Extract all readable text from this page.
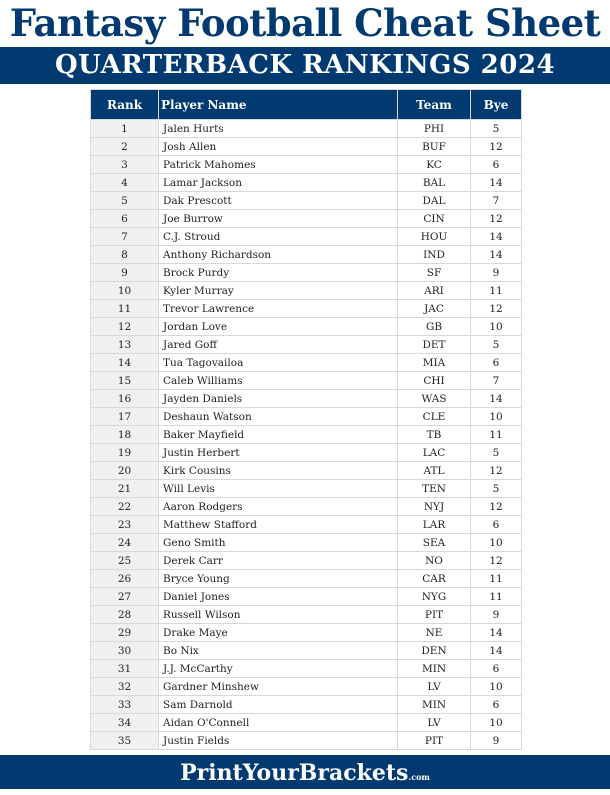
Fantasy Football Cheat Sheet
QUARTERBACK RANKINGS 2024
Rank	Player Name	Team	Bye
1	Jalen Hurts	PHI	5
2	Josh Allen	BUF	12
3	Patrick Mahomes	KC	6
4	Lamar Jackson	BAL	14
5	Dak Prescott	DAL	7
6	Joe Burrow	CIN	12
7	C.J. Stroud	HOU	14
8	Anthony Richardson	IND	14
9	Brock Purdy	SF	9
10	Kyler Murray	ARI	11
11	Trevor Lawrence	JAC	12
12	Jordan Love	GB	10
13	Jared Goff	DET	5
14	Tua Tagovailoa	MIA	6
15	Caleb Williams	CHI	7
16	Jayden Daniels	WAS	14
17	Deshaun Watson	CLE	10
18	Baker Mayfield	TB	11
19	Justin Herbert	LAC	5
20	Kirk Cousins	ATL	12
21	Will Levis	TEN	5
22	Aaron Rodgers	NYJ	12
23	Matthew Stafford	LAR	6
24	Geno Smith	SEA	10
25	Derek Carr	NO	12
26	Bryce Young	CAR	11
27	Daniel Jones	NYG	11
28	Russell Wilson	PIT	9
29	Drake Maye	NE	14
30	Bo Nix	DEN	14
31	J.J. McCarthy	MIN	6
32	Gardner Minshew	LV	10
33	Sam Darnold	MIN	6
34	Aidan O'Connell	LV	10
35	Justin Fields	PIT	9
PrintYourBrackets.com
